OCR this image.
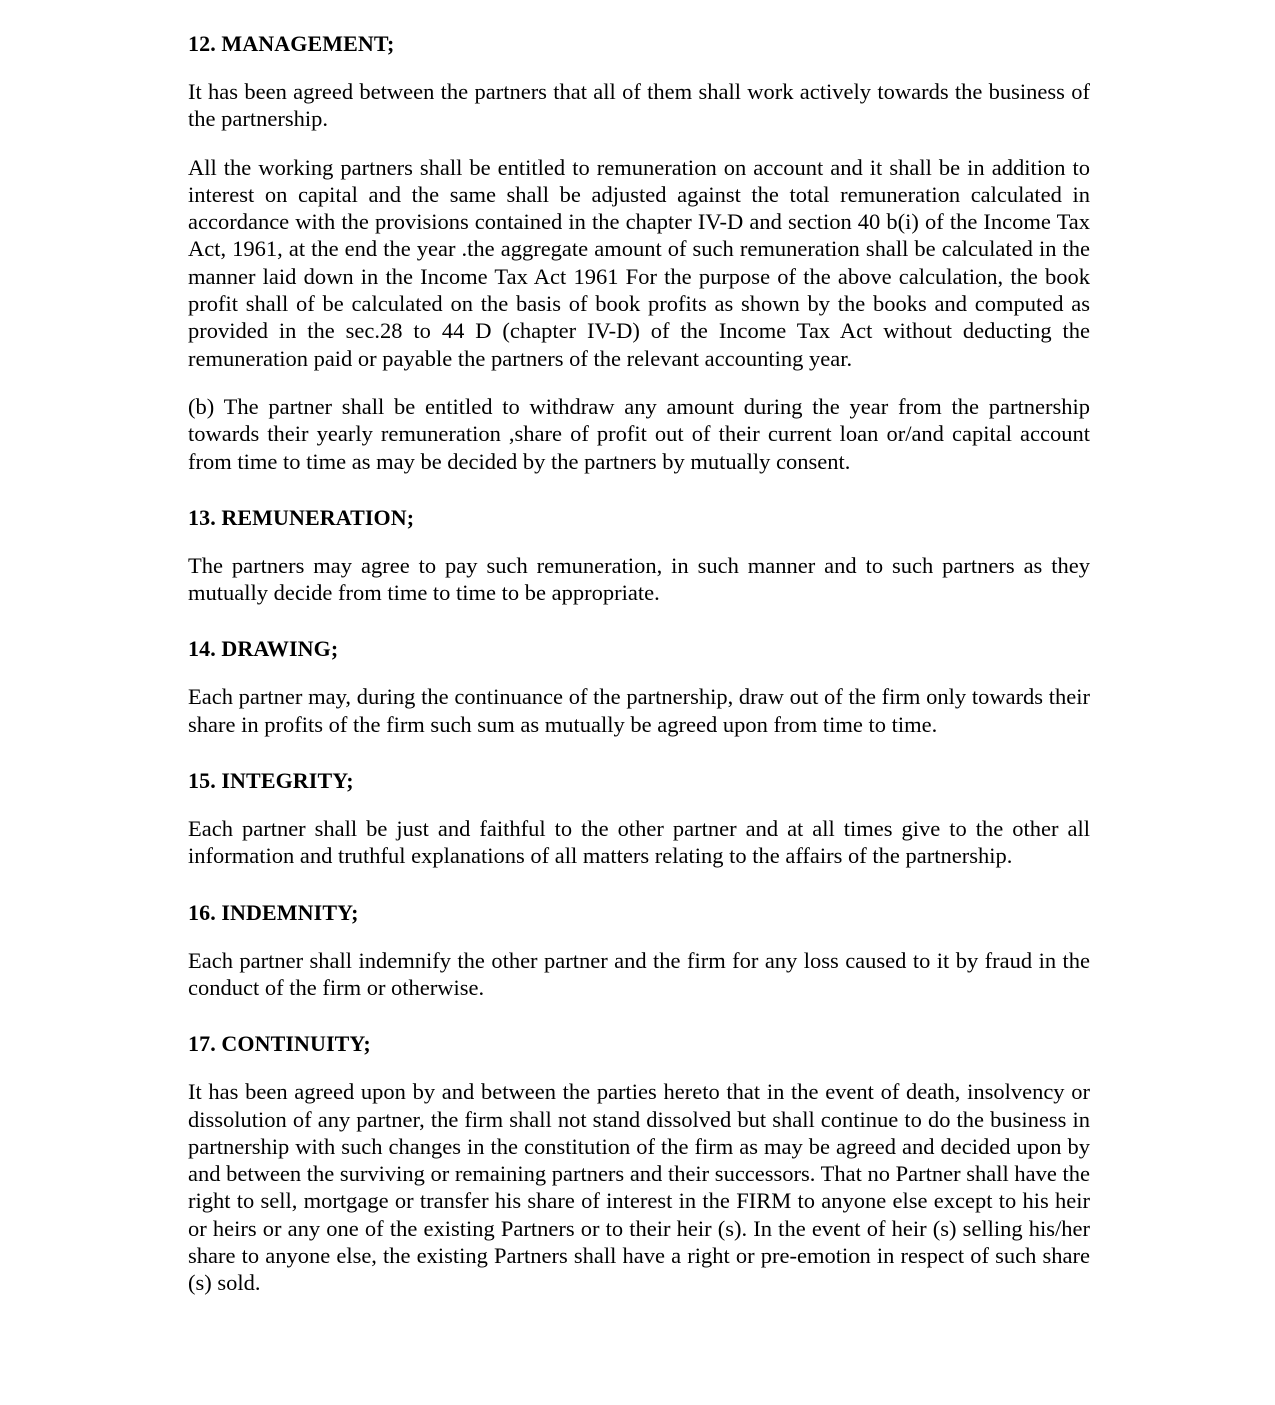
12. MANAGEMENT;

It has been agreed between the partners that all of them shall work actively towards the business of the partnership.

All the working partners shall be entitled to remuneration on account and it shall be in addition to interest on capital and the same shall be adjusted against the total remuneration calculated in accordance with the provisions contained in the chapter IV-D and section 40 b(i) of the Income Tax Act, 1961, at the end the year .the aggregate amount of such remuneration shall be calculated in the manner laid down in the Income Tax Act 1961 For the purpose of the above calculation, the book profit shall of be calculated on the basis of book profits as shown by the books and computed as provided in the sec.28 to 44 D (chapter IV-D) of the Income Tax Act without deducting the remuneration paid or payable the partners of the relevant accounting year.

(b) The partner shall be entitled to withdraw any amount during the year from the partnership towards their yearly remuneration ,share of profit out of their current loan or/and capital account from time to time as may be decided by the partners by mutually consent.

13. REMUNERATION;

The partners may agree to pay such remuneration, in such manner and to such partners as they mutually decide from time to time to be appropriate.

14. DRAWING;

Each partner may, during the continuance of the partnership, draw out of the firm only towards their share in profits of the firm such sum as mutually be agreed upon from time to time.

15. INTEGRITY;

Each partner shall be just and faithful to the other partner and at all times give to the other all information and truthful explanations of all matters relating to the affairs of the partnership.

16. INDEMNITY;

Each partner shall indemnify the other partner and the firm for any loss caused to it by fraud in the conduct of the firm or otherwise.

17. CONTINUITY;

It has been agreed upon by and between the parties hereto that in the event of death, insolvency or dissolution of any partner, the firm shall not stand dissolved but shall continue to do the business in partnership with such changes in the constitution of the firm as may be agreed and decided upon by and between the surviving or remaining partners and their successors. That no Partner shall have the right to sell, mortgage or transfer his share of interest in the FIRM to anyone else except to his heir or heirs or any one of the existing Partners or to their heir (s). In the event of heir (s) selling his/her share to anyone else, the existing Partners shall have a right or pre-emotion in respect of such share (s) sold.
